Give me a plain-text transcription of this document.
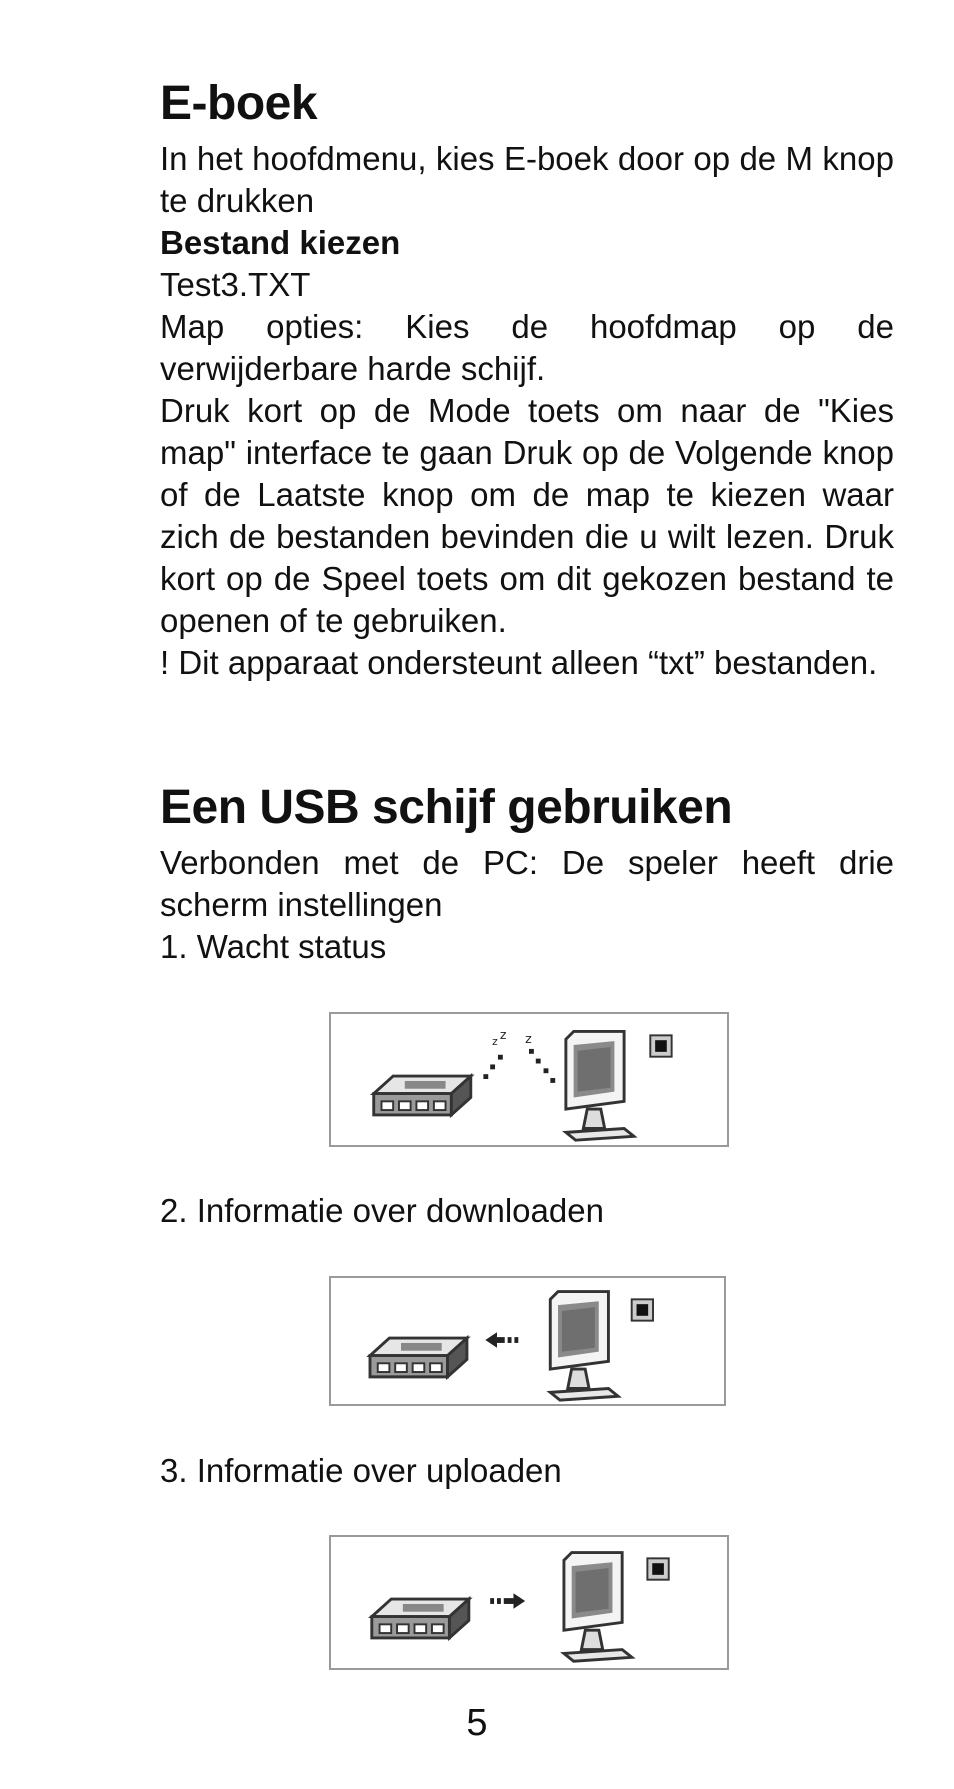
E-boek

In het hoofdmenu, kies E-boek door op de M knop te drukken

Bestand kiezen

Test3.TXT

Map opties: Kies de hoofdmap op de verwijderbare harde schijf.

Druk kort op de Mode toets om naar de "Kies map" interface te gaan Druk op de Volgende knop of de Laatste knop om de map te kiezen waar zich de bestanden bevinden die u wilt lezen. Druk kort op de Speel toets om dit gekozen bestand te openen of te gebruiken.

! Dit apparaat ondersteunt alleen “txt” bestanden.

Een USB schijf gebruiken

Verbonden met de PC: De speler heeft drie scherm instellingen

1. Wacht status

z z z

2. Informatie over downloaden

3. Informatie over uploaden

5
